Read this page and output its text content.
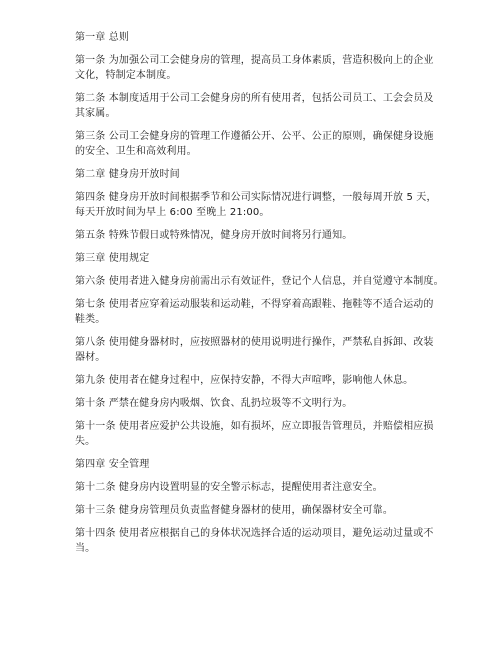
第一章 总则
第一条 为加强公司工会健身房的管理，提高员工身体素质，营造积极向上的企业
文化，特制定本制度。
第二条 本制度适用于公司工会健身房的所有使用者，包括公司员工、工会会员及
其家属。
第三条 公司工会健身房的管理工作遵循公开、公平、公正的原则，确保健身设施
的安全、卫生和高效利用。
第二章 健身房开放时间
第四条 健身房开放时间根据季节和公司实际情况进行调整，一般每周开放 5 天，
每天开放时间为早上 6:00 至晚上 21:00。
第五条 特殊节假日或特殊情况，健身房开放时间将另行通知。
第三章 使用规定
第六条 使用者进入健身房前需出示有效证件，登记个人信息，并自觉遵守本制度。
第七条 使用者应穿着运动服装和运动鞋，不得穿着高跟鞋、拖鞋等不适合运动的
鞋类。
第八条 使用健身器材时，应按照器材的使用说明进行操作，严禁私自拆卸、改装
器材。
第九条 使用者在健身过程中，应保持安静，不得大声喧哗，影响他人休息。
第十条 严禁在健身房内吸烟、饮食、乱扔垃圾等不文明行为。
第十一条 使用者应爱护公共设施，如有损坏，应立即报告管理员，并赔偿相应损
失。
第四章 安全管理
第十二条 健身房内设置明显的安全警示标志，提醒使用者注意安全。
第十三条 健身房管理员负责监督健身器材的使用，确保器材安全可靠。
第十四条 使用者应根据自己的身体状况选择合适的运动项目，避免运动过量或不
当。
